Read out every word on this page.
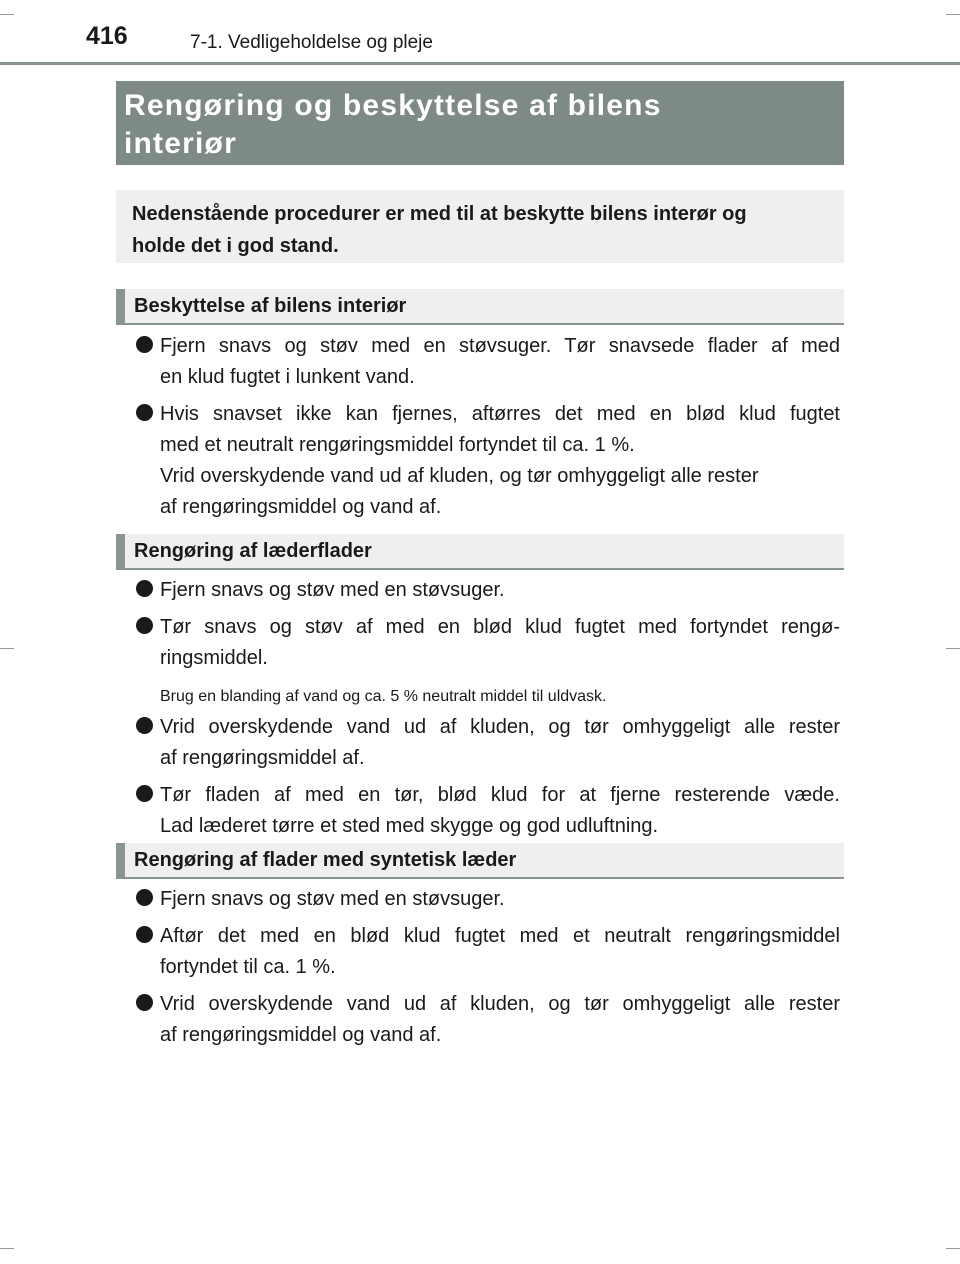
416	7-1. Vedligeholdelse og pleje
Rengøring og beskyttelse af bilens
interiør
Nedenstående procedurer er med til at beskytte bilens interør og
holde det i god stand.
Beskyttelse af bilens interiør
Fjern snavs og støv med en støvsuger. Tør snavsede flader af med
en klud fugtet i lunkent vand.
Hvis snavset ikke kan fjernes, aftørres det med en blød klud fugtet
med et neutralt rengøringsmiddel fortyndet til ca. 1 %.
Vrid overskydende vand ud af kluden, og tør omhyggeligt alle rester
af rengøringsmiddel og vand af.
Rengøring af læderflader
Fjern snavs og støv med en støvsuger.
Tør snavs og støv af med en blød klud fugtet med fortyndet rengø-
ringsmiddel.
Brug en blanding af vand og ca. 5 % neutralt middel til uldvask.
Vrid overskydende vand ud af kluden, og tør omhyggeligt alle rester
af rengøringsmiddel af.
Tør fladen af med en tør, blød klud for at fjerne resterende væde.
Lad læderet tørre et sted med skygge og god udluftning.
Rengøring af flader med syntetisk læder
Fjern snavs og støv med en støvsuger.
Aftør det med en blød klud fugtet med et neutralt rengøringsmiddel
fortyndet til ca. 1 %.
Vrid overskydende vand ud af kluden, og tør omhyggeligt alle rester
af rengøringsmiddel og vand af.
